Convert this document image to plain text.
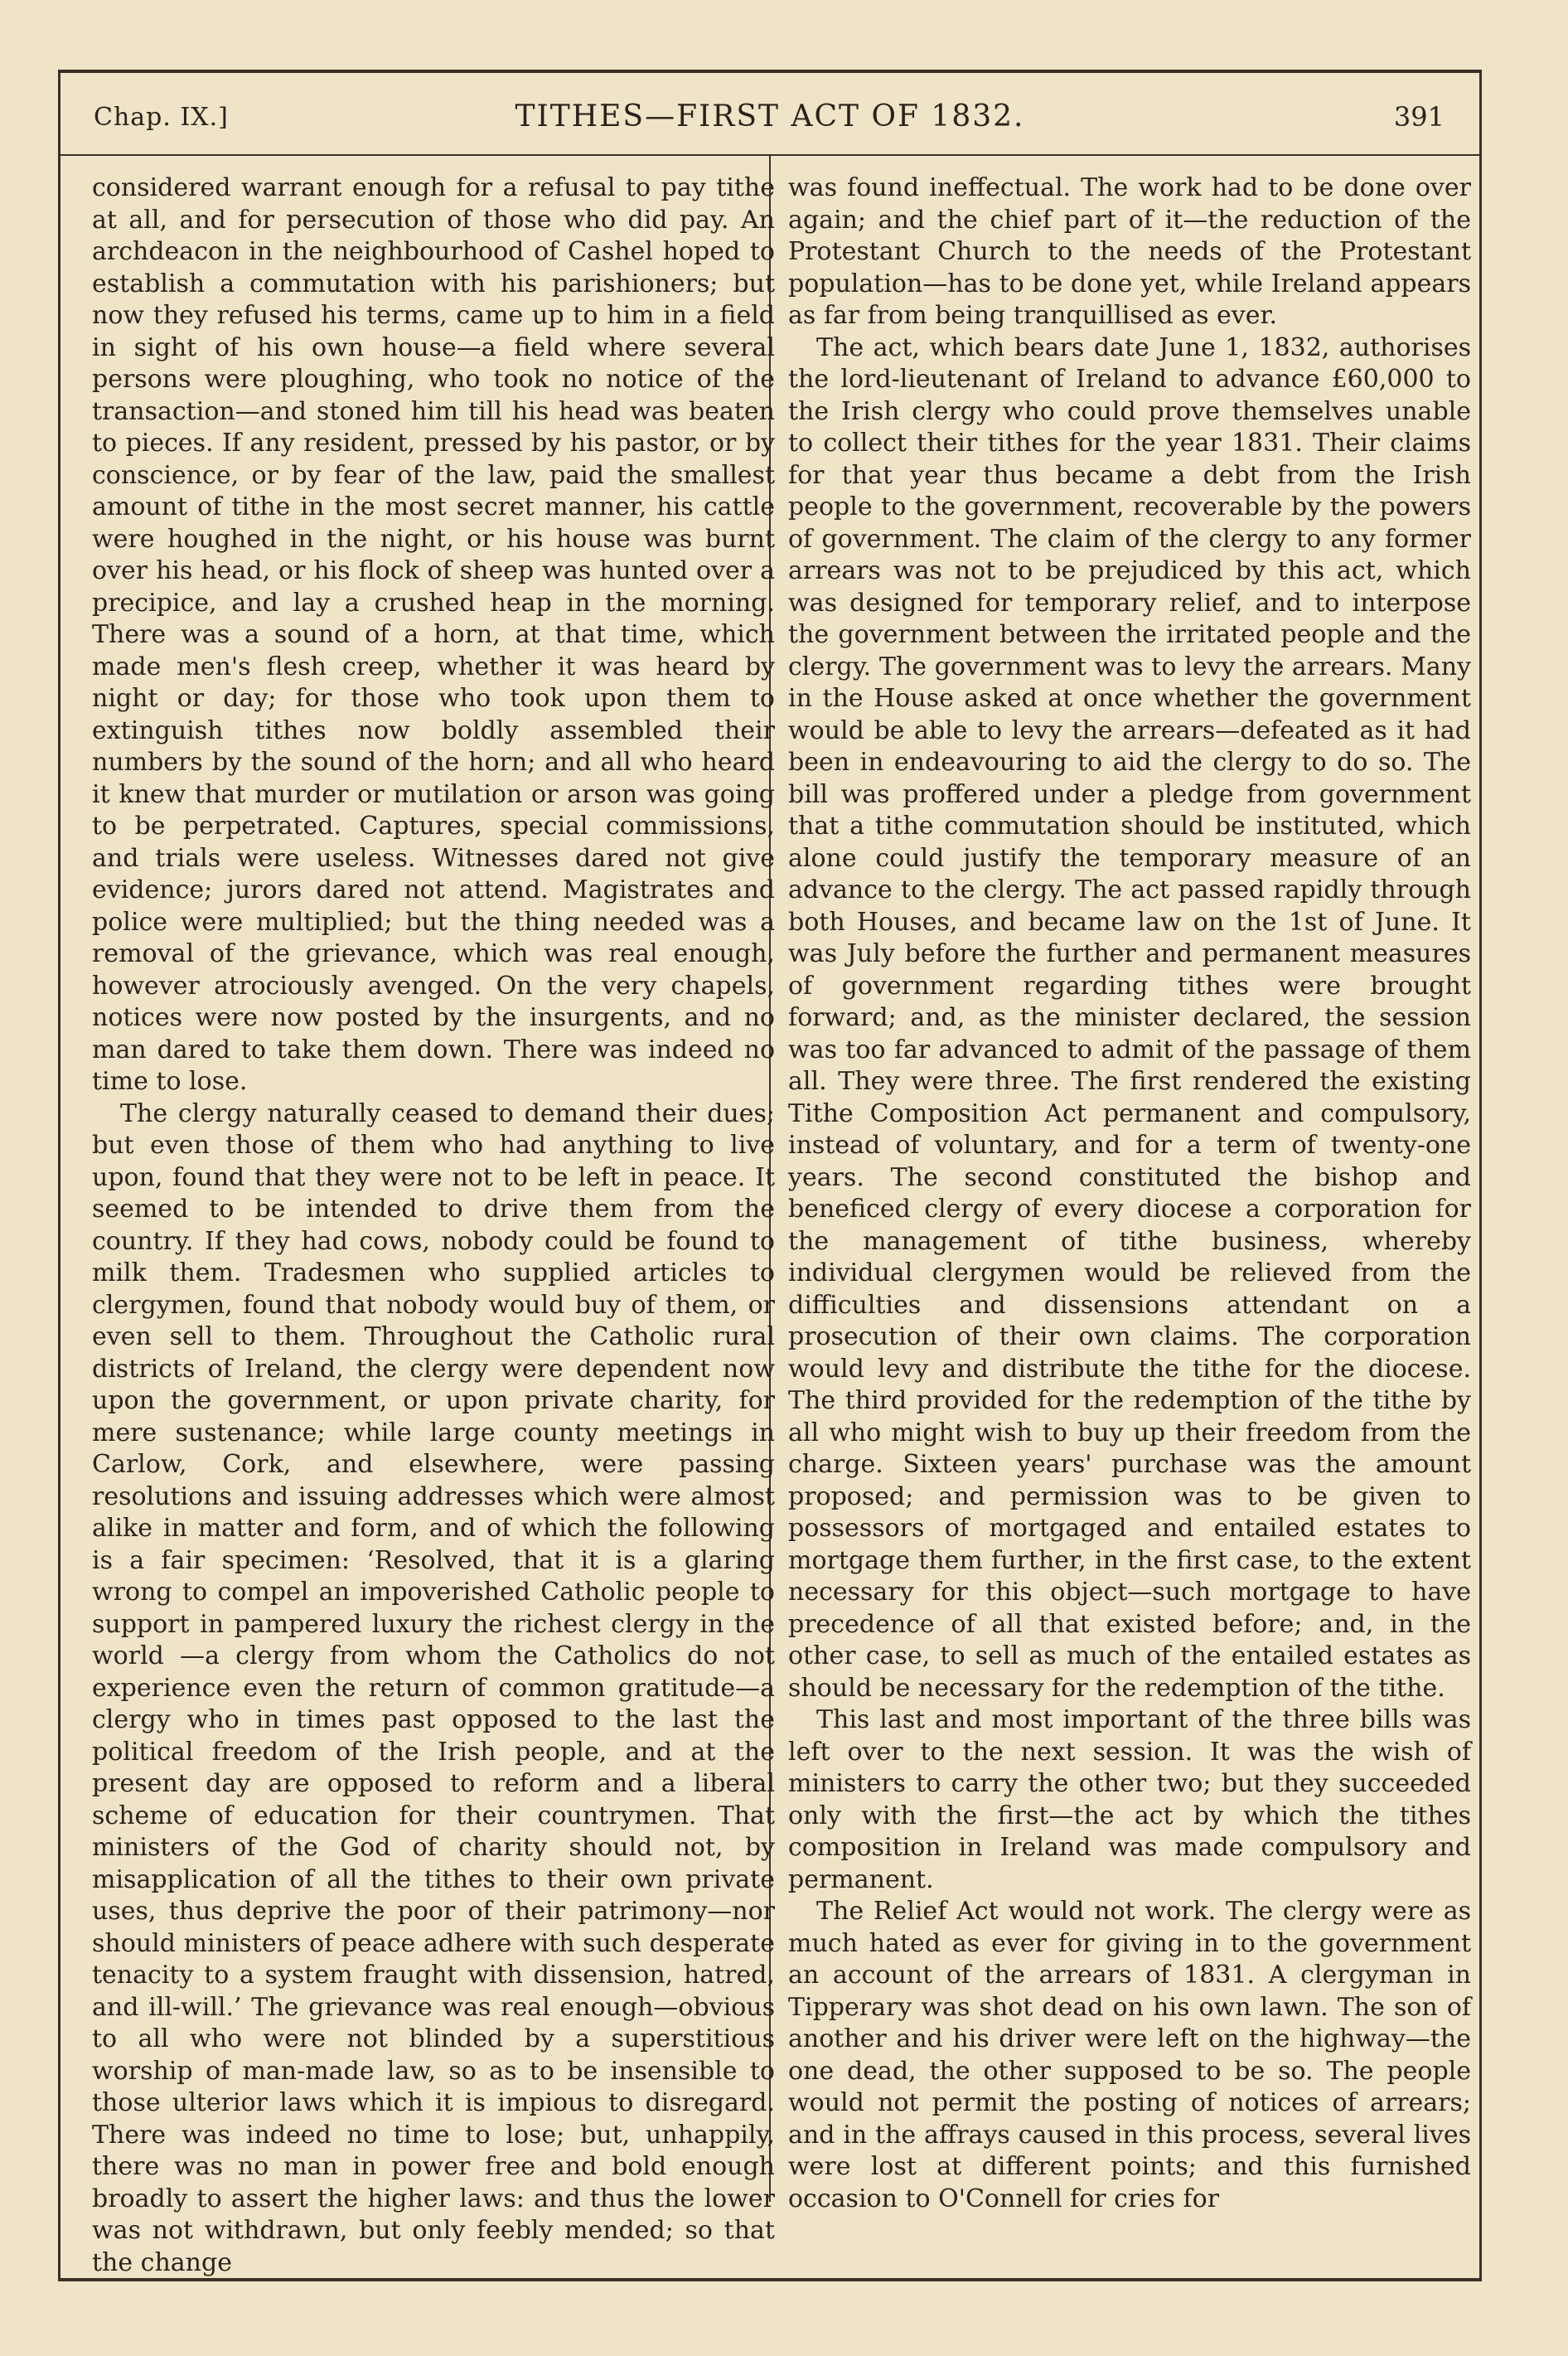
Chap. IX.]	TITHES—FIRST ACT OF 1832.	391

considered warrant enough for a refusal to pay tithe at all, and for persecution of those who did pay. An archdeacon in the neighbourhood of Cashel hoped to establish a commutation with his parishioners; but now they refused his terms, came up to him in a field in sight of his own house—a field where several persons were ploughing, who took no notice of the transaction—and stoned him till his head was beaten to pieces. If any resident, pressed by his pastor, or by conscience, or by fear of the law, paid the smallest amount of tithe in the most secret manner, his cattle were houghed in the night, or his house was burnt over his head, or his flock of sheep was hunted over a precipice, and lay a crushed heap in the morning. There was a sound of a horn, at that time, which made men's flesh creep, whether it was heard by night or day; for those who took upon them to extinguish tithes now boldly assembled their numbers by the sound of the horn; and all who heard it knew that murder or mutilation or arson was going to be perpetrated. Captures, special commissions, and trials were useless. Witnesses dared not give evidence; jurors dared not attend. Magistrates and police were multiplied; but the thing needed was a removal of the grievance, which was real enough, however atrociously avenged. On the very chapels, notices were now posted by the insurgents, and no man dared to take them down. There was indeed no time to lose.

The clergy naturally ceased to demand their dues; but even those of them who had anything to live upon, found that they were not to be left in peace. It seemed to be intended to drive them from the country. If they had cows, nobody could be found to milk them. Tradesmen who supplied articles to clergymen, found that nobody would buy of them, or even sell to them. Throughout the Catholic rural districts of Ireland, the clergy were dependent now upon the government, or upon private charity, for mere sustenance; while large county meetings in Carlow, Cork, and elsewhere, were passing resolutions and issuing addresses which were almost alike in matter and form, and of which the following is a fair specimen: ‘Resolved, that it is a glaring wrong to compel an impoverished Catholic people to support in pampered luxury the richest clergy in the world —a clergy from whom the Catholics do not experience even the return of common gratitude—a clergy who in times past opposed to the last the political freedom of the Irish people, and at the present day are opposed to reform and a liberal scheme of education for their countrymen. That ministers of the God of charity should not, by misapplication of all the tithes to their own private uses, thus deprive the poor of their patrimony—nor should ministers of peace adhere with such desperate tenacity to a system fraught with dissension, hatred, and ill-will.’ The grievance was real enough—obvious to all who were not blinded by a superstitious worship of man-made law, so as to be insensible to those ulterior laws which it is impious to disregard. There was indeed no time to lose; but, unhappily, there was no man in power free and bold enough broadly to assert the higher laws: and thus the lower was not withdrawn, but only feebly mended; so that the change

was found ineffectual. The work had to be done over again; and the chief part of it—the reduction of the Protestant Church to the needs of the Protestant population—has to be done yet, while Ireland appears as far from being tranquillised as ever.

The act, which bears date June 1, 1832, authorises the lord-lieutenant of Ireland to advance £60,000 to the Irish clergy who could prove themselves unable to collect their tithes for the year 1831. Their claims for that year thus became a debt from the Irish people to the government, recoverable by the powers of government. The claim of the clergy to any former arrears was not to be prejudiced by this act, which was designed for temporary relief, and to interpose the government between the irritated people and the clergy. The government was to levy the arrears. Many in the House asked at once whether the government would be able to levy the arrears—defeated as it had been in endeavouring to aid the clergy to do so. The bill was proffered under a pledge from government that a tithe commutation should be instituted, which alone could justify the temporary measure of an advance to the clergy. The act passed rapidly through both Houses, and became law on the 1st of June. It was July before the further and permanent measures of government regarding tithes were brought forward; and, as the minister declared, the session was too far advanced to admit of the passage of them all. They were three. The first rendered the existing Tithe Composition Act permanent and compulsory, instead of voluntary, and for a term of twenty-one years. The second constituted the bishop and beneficed clergy of every diocese a corporation for the management of tithe business, whereby individual clergymen would be relieved from the difficulties and dissensions attendant on a prosecution of their own claims. The corporation would levy and distribute the tithe for the diocese. The third provided for the redemption of the tithe by all who might wish to buy up their freedom from the charge. Sixteen years' purchase was the amount proposed; and permission was to be given to possessors of mortgaged and entailed estates to mortgage them further, in the first case, to the extent necessary for this object—such mortgage to have precedence of all that existed before; and, in the other case, to sell as much of the entailed estates as should be necessary for the redemption of the tithe.

This last and most important of the three bills was left over to the next session. It was the wish of ministers to carry the other two; but they succeeded only with the first—the act by which the tithes composition in Ireland was made compulsory and permanent.

The Relief Act would not work. The clergy were as much hated as ever for giving in to the government an account of the arrears of 1831. A clergyman in Tipperary was shot dead on his own lawn. The son of another and his driver were left on the highway—the one dead, the other supposed to be so. The people would not permit the posting of notices of arrears; and in the affrays caused in this process, several lives were lost at different points; and this furnished occasion to O'Connell for cries for
